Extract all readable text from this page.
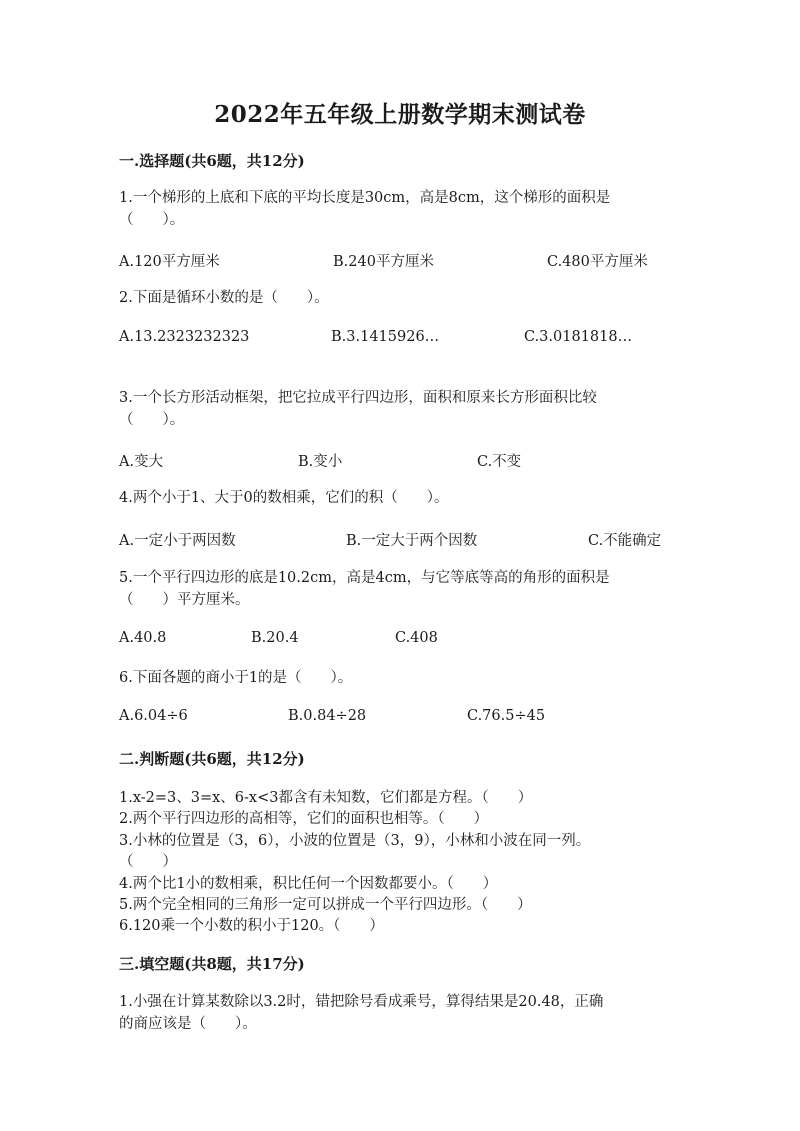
2022年五年级上册数学期末测试卷
一.选择题(共6题，共12分)
1.一个梯形的上底和下底的平均长度是30cm，高是8cm，这个梯形的面积是
（　　）。
A.120平方厘米	B.240平方厘米	C.480平方厘米
2.下面是循环小数的是（　　）。
A.13.2323232323	B.3.1415926…	C.3.0181818…
3.一个长方形活动框架，把它拉成平行四边形，面积和原来长方形面积比较
（　　）。
A.变大	B.变小	C.不变
4.两个小于1、大于0的数相乘，它们的积（　　）。
A.一定小于两因数	B.一定大于两个因数	C.不能确定
5.一个平行四边形的底是10.2cm，高是4cm，与它等底等高的角形的面积是
（　　）平方厘米。
A.40.8	B.20.4	C.408
6.下面各题的商小于1的是（　　）。
A.6.04÷6	B.0.84÷28	C.76.5÷45
二.判断题(共6题，共12分)
1.x-2=3、3=x、6-x<3都含有未知数，它们都是方程。（　　）
2.两个平行四边形的高相等，它们的面积也相等。（　　）
3.小林的位置是（3，6），小波的位置是（3，9），小林和小波在同一列。
（　　）
4.两个比1小的数相乘，积比任何一个因数都要小。（　　）
5.两个完全相同的三角形一定可以拼成一个平行四边形。（　　）
6.120乘一个小数的积小于120。（　　）
三.填空题(共8题，共17分)
1.小强在计算某数除以3.2时，错把除号看成乘号，算得结果是20.48，正确
的商应该是（　　）。
